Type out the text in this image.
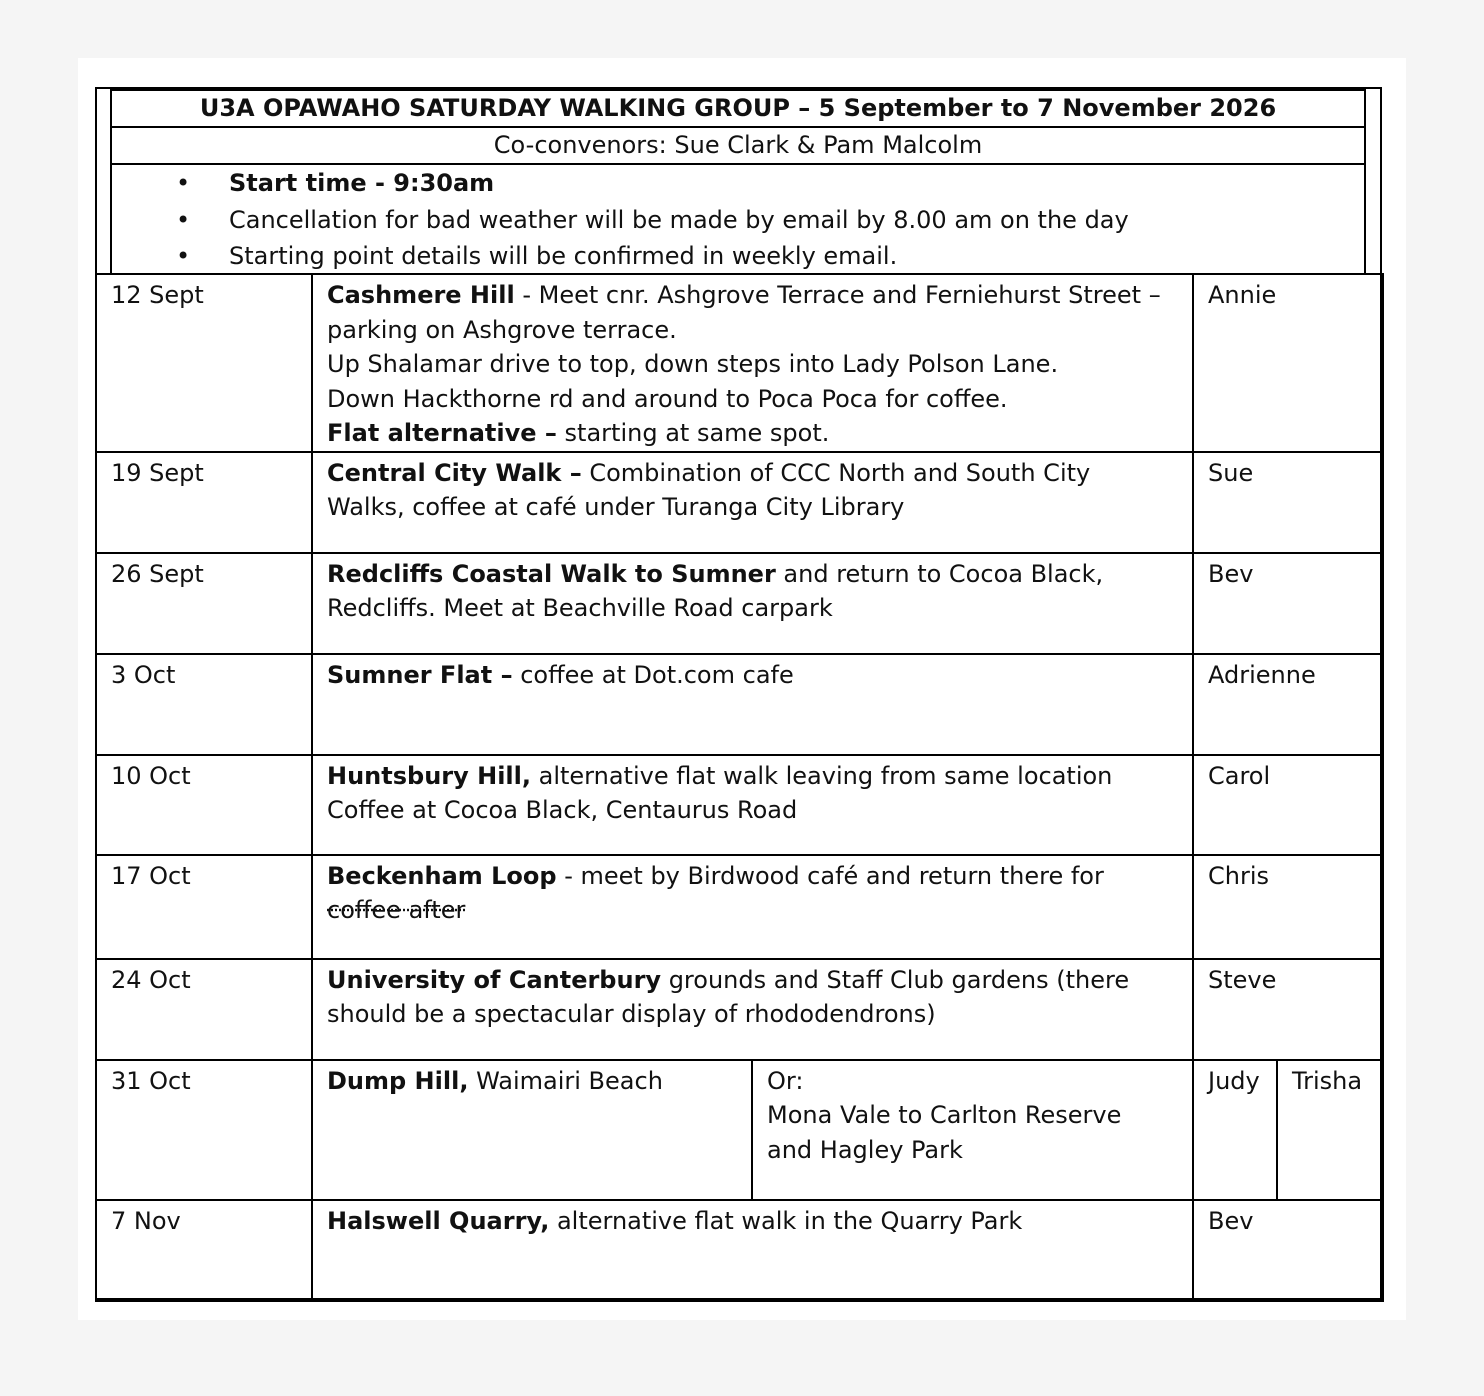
U3A OPAWAHO SATURDAY WALKING GROUP – 5 September to 7 November 2026
Co-convenors: Sue Clark & Pam Malcolm
• Start time - 9:30am
• Cancellation for bad weather will be made by email by 8.00 am on the day
• Starting point details will be confirmed in weekly email.
12 Sept	Cashmere Hill - Meet cnr. Ashgrove Terrace and Ferniehurst Street –
parking on Ashgrove terrace.
Up Shalamar drive to top, down steps into Lady Polson Lane.
Down Hackthorne rd and around to Poca Poca for coffee.
Flat alternative – starting at same spot.		Annie	
19 Sept	Central City Walk – Combination of CCC North and South City
Walks, coffee at café under Turanga City Library		Sue	
26 Sept	Redcliffs Coastal Walk to Sumner and return to Cocoa Black,
Redcliffs. Meet at Beachville Road carpark		Bev	
3 Oct	Sumner Flat – coffee at Dot.com cafe		Adrienne	
10 Oct	Huntsbury Hill, alternative flat walk leaving from same location
Coffee at Cocoa Black, Centaurus Road		Carol	
17 Oct	Beckenham Loop - meet by Birdwood café and return there for
coffee after		Chris	
24 Oct	University of Canterbury grounds and Staff Club gardens (there
should be a spectacular display of rhododendrons)		Steve	
31 Oct	Dump Hill, Waimairi Beach	Or:
Mona Vale to Carlton Reserve
and Hagley Park	Judy	Trisha
7 Nov	Halswell Quarry, alternative flat walk in the Quarry Park		Bev	
